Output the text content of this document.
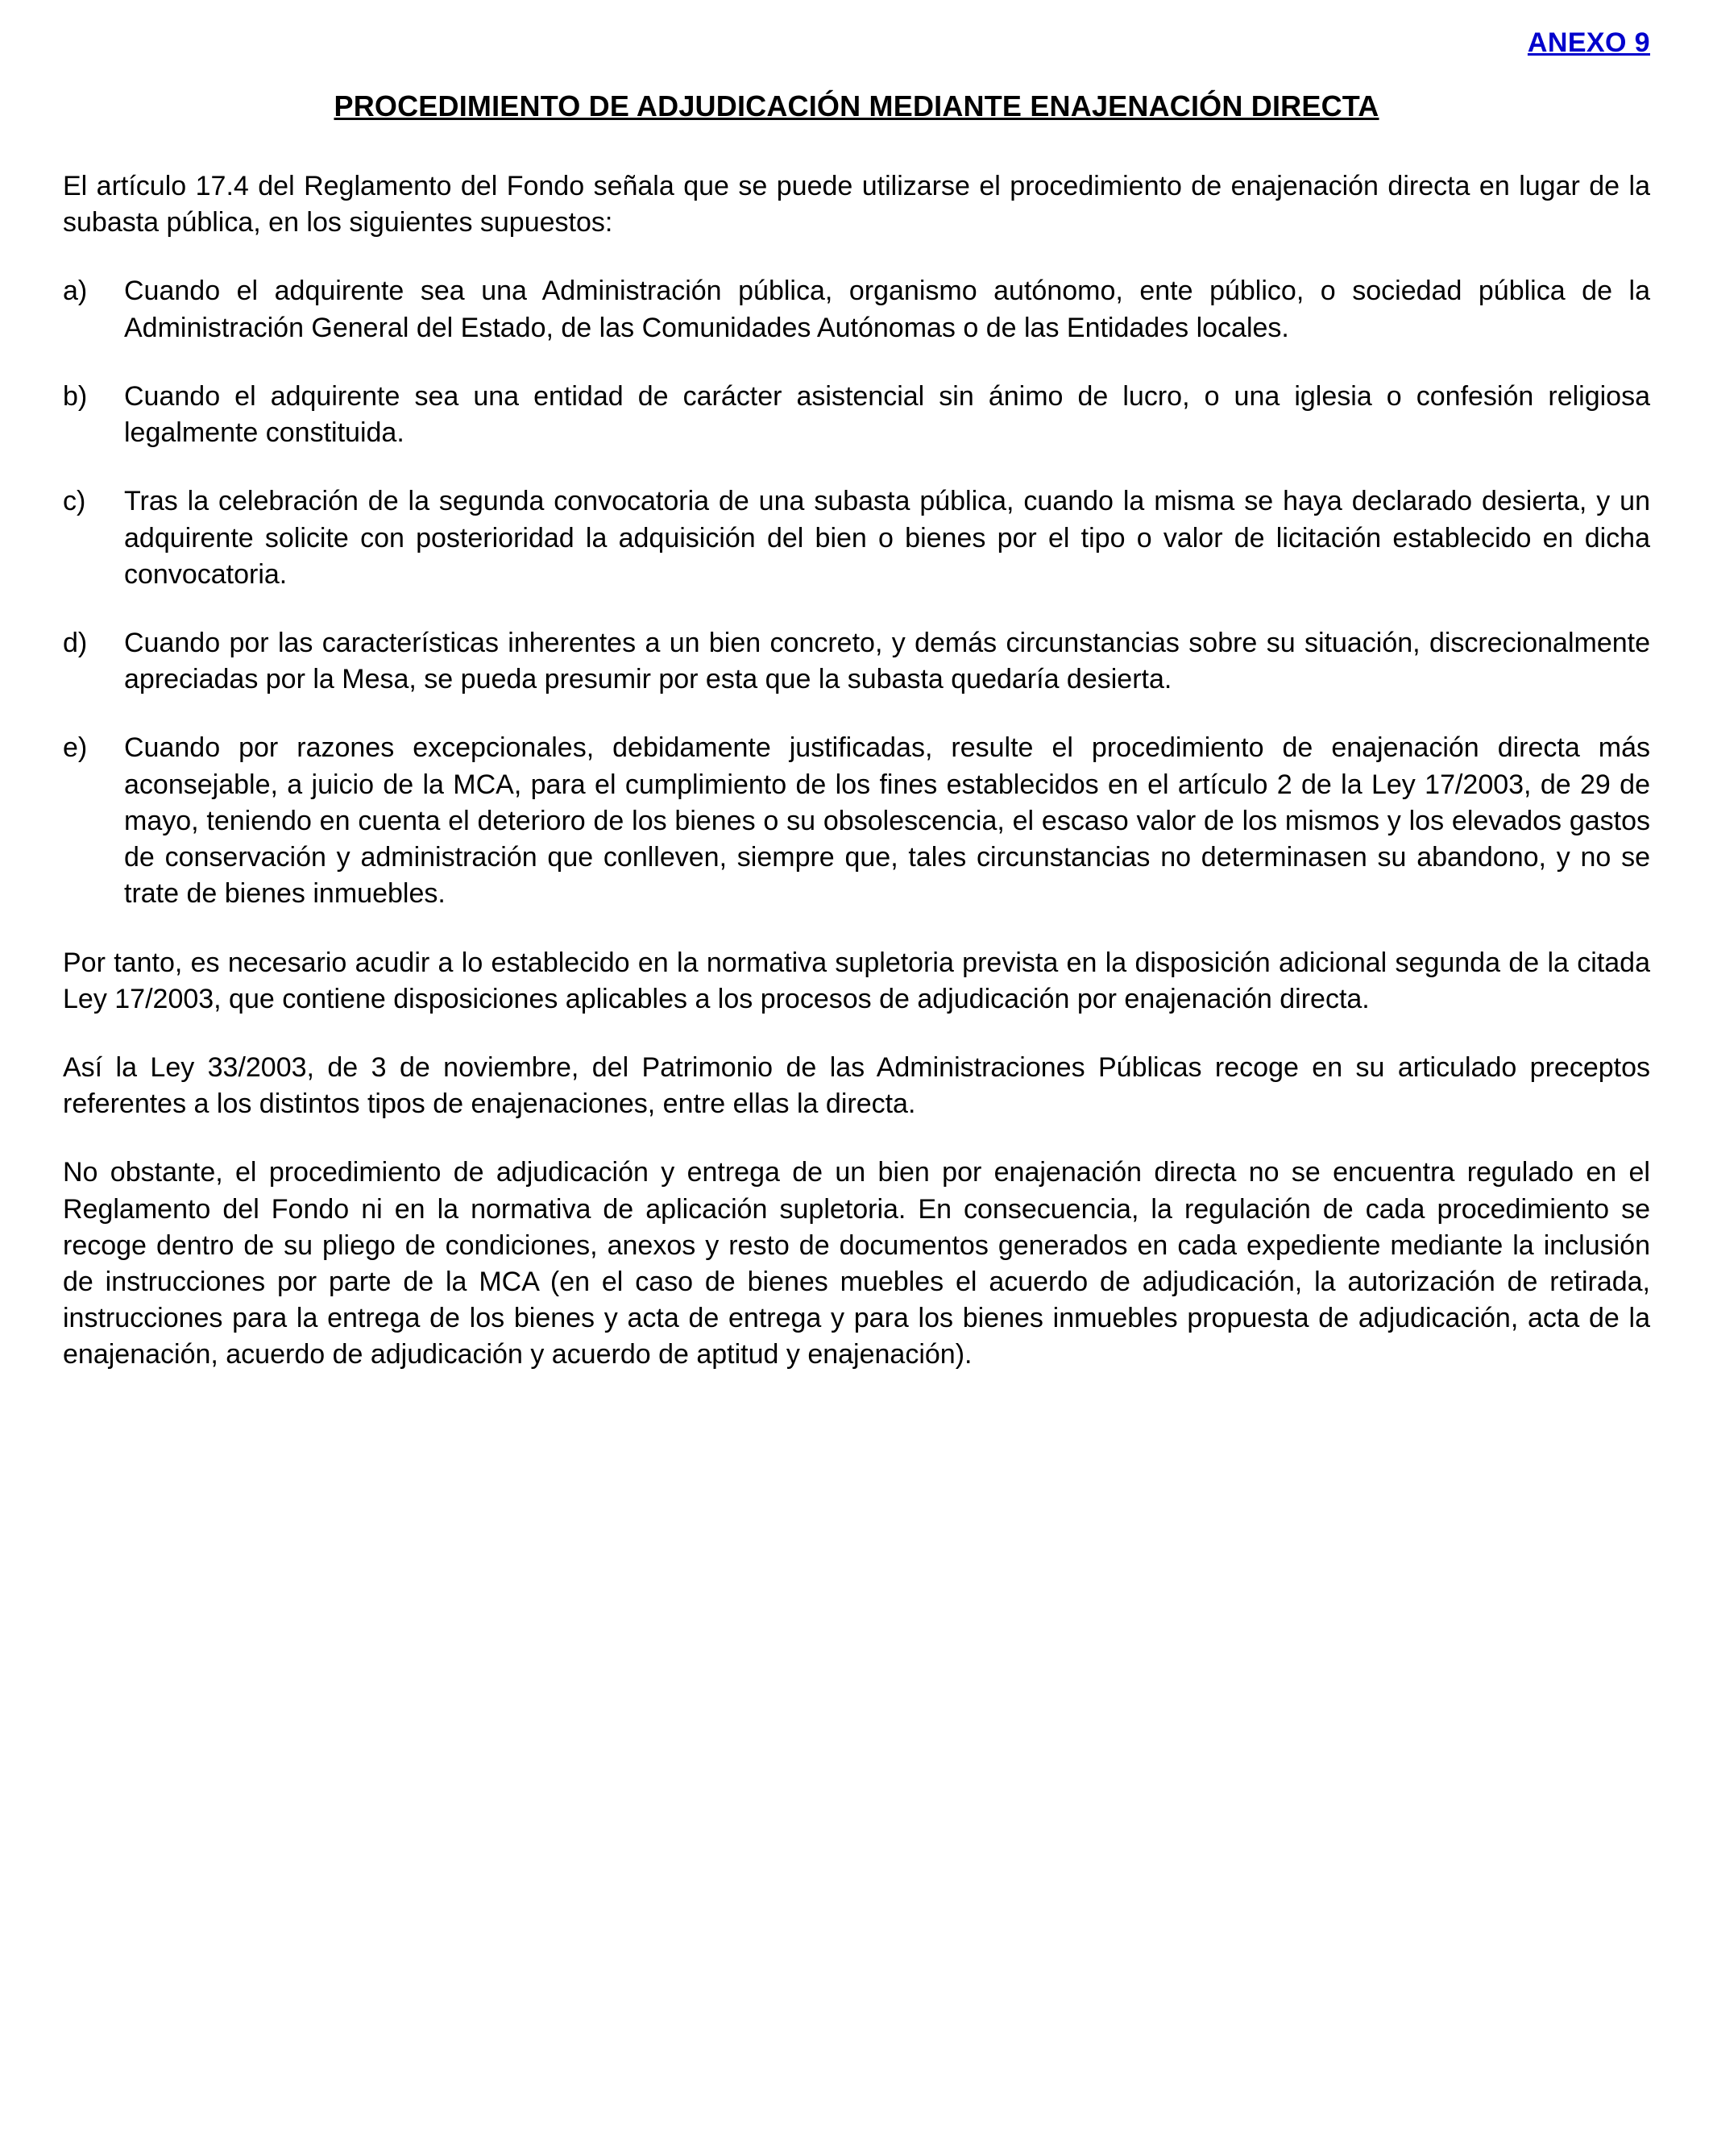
ANEXO 9
PROCEDIMIENTO DE ADJUDICACIÓN MEDIANTE ENAJENACIÓN DIRECTA

El artículo 17.4 del Reglamento del Fondo señala que se puede utilizarse el procedimiento de enajenación directa en lugar de la subasta pública, en los siguientes supuestos:

a)	Cuando el adquirente sea una Administración pública, organismo autónomo, ente público, o sociedad pública de la Administración General del Estado, de las Comunidades Autónomas o de las Entidades locales.
b)	Cuando el adquirente sea una entidad de carácter asistencial sin ánimo de lucro, o una iglesia o confesión religiosa legalmente constituida.
c)	Tras la celebración de la segunda convocatoria de una subasta pública, cuando la misma se haya declarado desierta, y un adquirente solicite con posterioridad la adquisición del bien o bienes por el tipo o valor de licitación establecido en dicha convocatoria.
d)	Cuando por las características inherentes a un bien concreto, y demás circunstancias sobre su situación, discrecionalmente apreciadas por la Mesa, se pueda presumir por esta que la subasta quedaría desierta.
e)	Cuando por razones excepcionales, debidamente justificadas, resulte el procedimiento de enajenación directa más aconsejable, a juicio de la MCA, para el cumplimiento de los fines establecidos en el artículo 2 de la Ley 17/2003, de 29 de mayo, teniendo en cuenta el deterioro de los bienes o su obsolescencia, el escaso valor de los mismos y los elevados gastos de conservación y administración que conlleven, siempre que, tales circunstancias no determinasen su abandono, y no se trate de bienes inmuebles.

Por tanto, es necesario acudir a lo establecido en la normativa supletoria prevista en la disposición adicional segunda de la citada Ley 17/2003, que contiene disposiciones aplicables a los procesos de adjudicación por enajenación directa.

Así la Ley 33/2003, de 3 de noviembre, del Patrimonio de las Administraciones Públicas recoge en su articulado preceptos referentes a los distintos tipos de enajenaciones, entre ellas la directa.

No obstante, el procedimiento de adjudicación y entrega de un bien por enajenación directa no se encuentra regulado en el Reglamento del Fondo ni en la normativa de aplicación supletoria. En consecuencia, la regulación de cada procedimiento se recoge dentro de su pliego de condiciones, anexos y resto de documentos generados en cada expediente mediante la inclusión de instrucciones por parte de la MCA (en el caso de bienes muebles el acuerdo de adjudicación, la autorización de retirada, instrucciones para la entrega de los bienes y acta de entrega y para los bienes inmuebles propuesta de adjudicación, acta de la enajenación, acuerdo de adjudicación y acuerdo de aptitud y enajenación).
